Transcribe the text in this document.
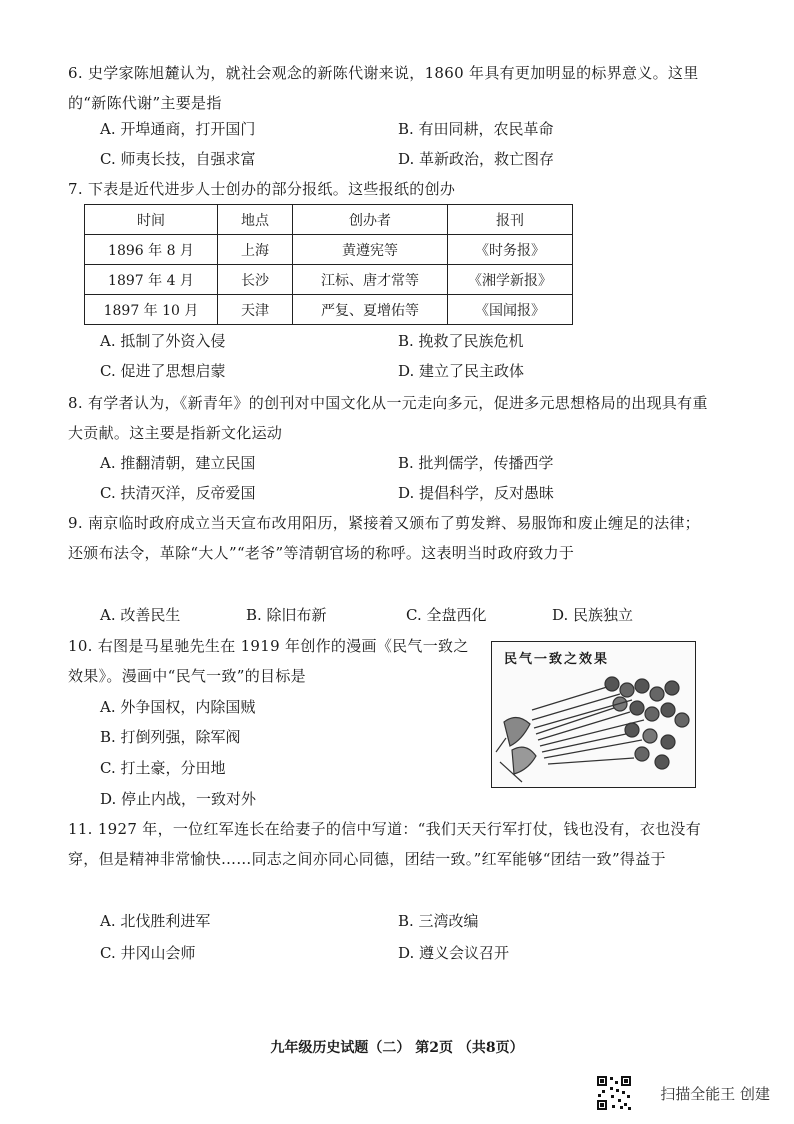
6. 史学家陈旭麓认为，就社会观念的新陈代谢来说，1860 年具有更加明显的标界意义。这里的“新陈代谢”主要是指
A. 开埠通商，打开国门	B. 有田同耕，农民革命
C. 师夷长技，自强求富	D. 革新政治，救亡图存
7. 下表是近代进步人士创办的部分报纸。这些报纸的创办
时间	地点	创办者	报刊
1896 年 8 月	上海	黄遵宪等	《时务报》
1897 年 4 月	长沙	江标、唐才常等	《湘学新报》
1897 年 10 月	天津	严复、夏增佑等	《国闻报》
A. 抵制了外资入侵	B. 挽救了民族危机
C. 促进了思想启蒙	D. 建立了民主政体
8. 有学者认为，《新青年》的创刊对中国文化从一元走向多元，促进多元思想格局的出现具有重大贡献。这主要是指新文化运动
A. 推翻清朝，建立民国	B. 批判儒学，传播西学
C. 扶清灭洋，反帝爱国	D. 提倡科学，反对愚昧
9. 南京临时政府成立当天宣布改用阳历，紧接着又颁布了剪发辫、易服饰和废止缠足的法律；还颁布法令，革除“大人”“老爷”等清朝官场的称呼。这表明当时政府致力于
A. 改善民生	B. 除旧布新	C. 全盘西化	D. 民族独立
10. 右图是马星驰先生在 1919 年创作的漫画《民气一致之效果》。漫画中“民气一致”的目标是
A. 外争国权，内除国贼
B. 打倒列强，除军阀
C. 打土豪，分田地
D. 停止内战，一致对外
民气一致之效果
11. 1927 年，一位红军连长在给妻子的信中写道：“我们天天行军打仗，钱也没有，衣也没有穿，但是精神非常愉快……同志之间亦同心同德，团结一致。”红军能够“团结一致”得益于
A. 北伐胜利进军	B. 三湾改编
C. 井冈山会师	D. 遵义会议召开
九年级历史试题（二） 第2页 （共8页）
扫描全能王 创建
